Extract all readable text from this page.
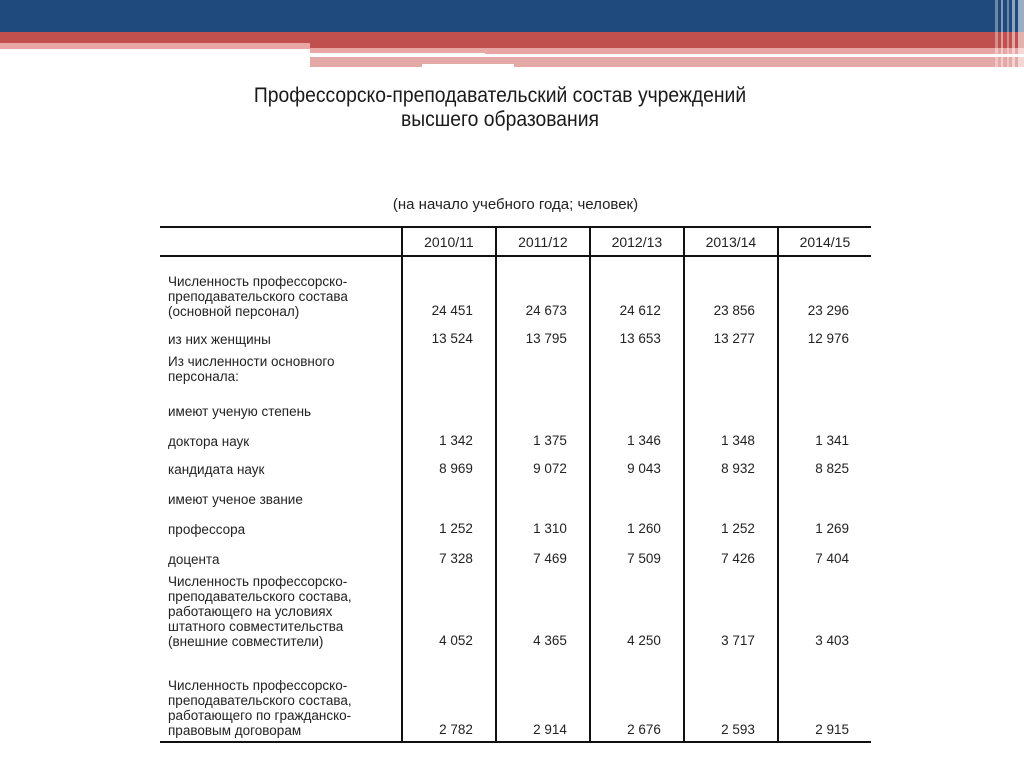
Профессорско-преподавательский состав учреждений
высшего образования
(на начало учебного года; человек)
	2010/11	2011/12	2012/13	2013/14	2014/15

Численность профессорско-
преподавательского состава
(основной персонал)	24 451	24 673	24 612	23 856	23 296

из них женщины	13 524	13 795	13 653	13 277	12 976

Из численности основного
персонала:					

имеют ученую степень					

доктора наук	1 342	1 375	1 346	1 348	1 341

кандидата наук	8 969	9 072	9 043	8 932	8 825

имеют ученое звание					

профессора	1 252	1 310	1 260	1 252	1 269

доцента	7 328	7 469	7 509	7 426	7 404

Численность профессорско-
преподавательского состава,
работающего на условиях
штатного совместительства
(внешние совместители)	4 052	4 365	4 250	3 717	3 403

Численность профессорско-
преподавательского состава,
работающего по гражданско-
правовым договорам	2 782	2 914	2 676	2 593	2 915
